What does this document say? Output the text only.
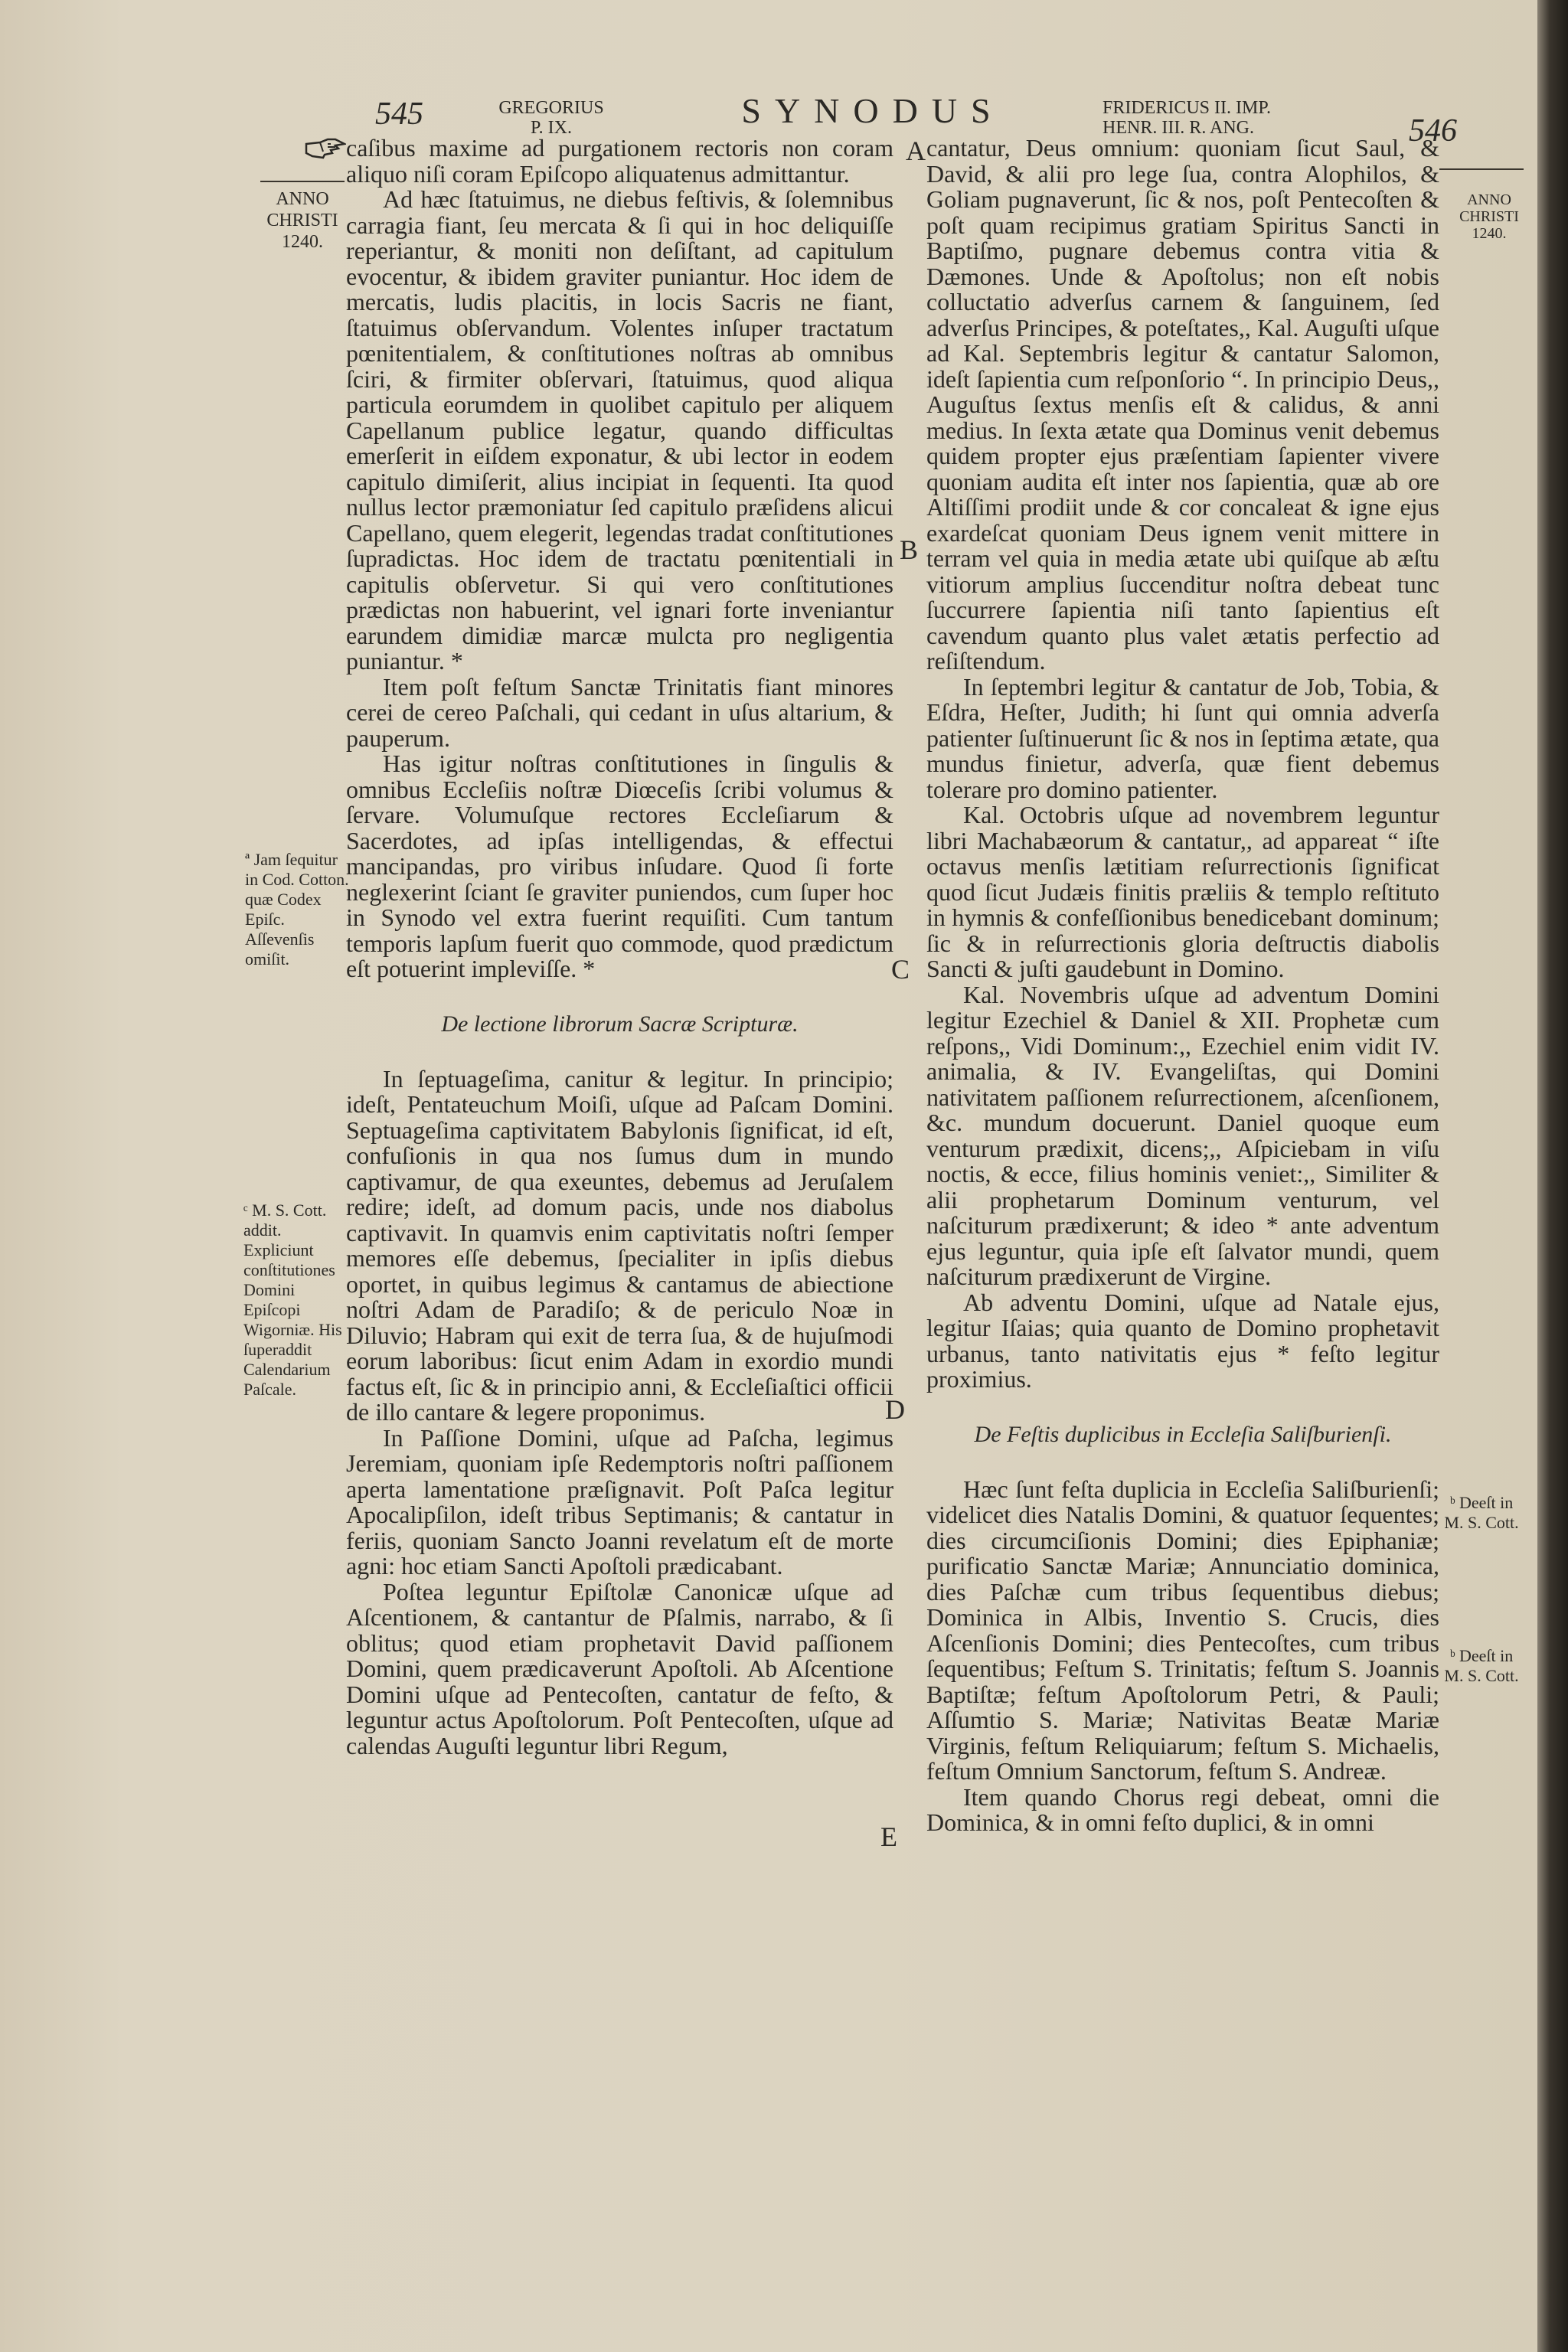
545	GREGORIUS
P. IX.	SYNODUS	FRIDERICUS II. IMP.
HENR. III. R. ANG.	546
ANNO
CHRISTI
1240.
ANNO
CHRISTI
1240.
ª Jam ſequitur in Cod. Cotton. quæ Codex Epiſc. Aſſevenſis omiſit.
ᶜ M. S. Cott. addit. Expliciunt conſtitutiones Domini Epiſcopi Wigorniæ. His ſuperaddit Calendarium Paſcale.
ᵇ Deeſt in M. S. Cott.
ᵇ Deeſt in M. S. Cott.
A
B
C
D
E

caſibus maxime ad purgationem rectoris non coram aliquo niſi coram Epiſcopo aliquatenus admittantur.

Ad hæc ſtatuimus, ne diebus feſtivis, & ſolemnibus carragia fiant, ſeu mercata & ſi qui in hoc deliquiſſe reperiantur, & moniti non deſiſtant, ad capitulum evocentur, & ibidem graviter puniantur. Hoc idem de mercatis, ludis placitis, in locis Sacris ne fiant, ſtatuimus obſervandum. Volentes inſuper tractatum pœnitentialem, & conſtitutiones noſtras ab omnibus ſciri, & firmiter obſervari, ſtatuimus, quod aliqua particula eorumdem in quolibet capitulo per aliquem Capellanum publice legatur, quando difficultas emerſerit in eiſdem exponatur, & ubi lector in eodem capitulo dimiſerit, alius incipiat in ſequenti. Ita quod nullus lector præmoniatur ſed capitulo præſidens alicui Capellano, quem elegerit, legendas tradat conſtitutiones ſupradictas. Hoc idem de tractatu pœnitentiali in capitulis obſervetur. Si qui vero conſtitutiones prædictas non habuerint, vel ignari forte inveniantur earundem dimidiæ marcæ mulcta pro negligentia puniantur. *

Item poſt feſtum Sanctæ Trinitatis fiant minores cerei de cereo Paſchali, qui cedant in uſus altarium, & pauperum.

Has igitur noſtras conſtitutiones in ſingulis & omnibus Eccleſiis noſtræ Diœceſis ſcribi volumus & ſervare. Volumuſque rectores Eccleſiarum & Sacerdotes, ad ipſas intelligendas, & effectui mancipandas, pro viribus inſudare. Quod ſi forte neglexerint ſciant ſe graviter puniendos, cum ſuper hoc in Synodo vel extra fuerint requiſiti. Cum tantum temporis lapſum fuerit quo commode, quod prædictum eſt potuerint impleviſſe. *

De lectione librorum Sacræ Scripturæ.

In ſeptuageſima, canitur & legitur. In principio; ideſt, Pentateuchum Moiſi, uſque ad Paſcam Domini. Septuageſima captivitatem Babylonis ſignificat, id eſt, confuſionis in qua nos ſumus dum in mundo captivamur, de qua exeuntes, debemus ad Jeruſalem redire; ideſt, ad domum pacis, unde nos diabolus captivavit. In quamvis enim captivitatis noſtri ſemper memores eſſe debemus, ſpecialiter in ipſis diebus oportet, in quibus legimus & cantamus de abiectione noſtri Adam de Paradiſo; & de periculo Noæ in Diluvio; Habram qui exit de terra ſua, & de hujuſmodi eorum laboribus: ſicut enim Adam in exordio mundi factus eſt, ſic & in principio anni, & Eccleſiaſtici officii de illo cantare & legere proponimus.

In Paſſione Domini, uſque ad Paſcha, legimus Jeremiam, quoniam ipſe Redemptoris noſtri paſſionem aperta lamentatione præſignavit. Poſt Paſca legitur Apocalipſilon, ideſt tribus Septimanis; & cantatur in feriis, quoniam Sancto Joanni revelatum eſt de morte agni: hoc etiam Sancti Apoſtoli prædicabant.

Poſtea leguntur Epiſtolæ Canonicæ uſque ad Aſcentionem, & cantantur de Pſalmis, narrabo, & ſi oblitus; quod etiam prophetavit David paſſionem Domini, quem prædicaverunt Apoſtoli. Ab Aſcentione Domini uſque ad Pentecoſten, cantatur de feſto, & leguntur actus Apoſtolorum. Poſt Pentecoſten, uſque ad calendas Auguſti leguntur libri Regum,

cantatur, Deus omnium: quoniam ſicut Saul, & David, & alii pro lege ſua, contra Alophilos, & Goliam pugnaverunt, ſic & nos, poſt Pentecoſten & poſt quam recipimus gratiam Spiritus Sancti in Baptiſmo, pugnare debemus contra vitia & Dæmones. Unde & Apoſtolus; non eſt nobis colluctatio adverſus carnem & ſanguinem, ſed adverſus Principes, & poteſtates,, Kal. Auguſti uſque ad Kal. Septembris legitur & cantatur Salomon, ideſt ſapientia cum reſponſorio “. In principio Deus,, Auguſtus ſextus menſis eſt & calidus, & anni medius. In ſexta ætate qua Dominus venit debemus quidem propter ejus præſentiam ſapienter vivere quoniam audita eſt inter nos ſapientia, quæ ab ore Altiſſimi prodiit unde & cor concaleat & igne ejus exardeſcat quoniam Deus ignem venit mittere in terram vel quia in media ætate ubi quiſque ab æſtu vitiorum amplius ſuccenditur noſtra debeat tunc ſuccurrere ſapientia niſi tanto ſapientius eſt cavendum quanto plus valet ætatis perfectio ad reſiſtendum.

In ſeptembri legitur & cantatur de Job, Tobia, & Eſdra, Heſter, Judith; hi ſunt qui omnia adverſa patienter ſuſtinuerunt ſic & nos in ſeptima ætate, qua mundus finietur, adverſa, quæ fient debemus tolerare pro domino patienter.

Kal. Octobris uſque ad novembrem leguntur libri Machabæorum & cantatur,, ad appareat “ iſte octavus menſis lætitiam reſurrectionis ſignificat quod ſicut Judæis finitis præliis & templo reſtituto in hymnis & confeſſionibus benedicebant dominum; ſic & in reſurrectionis gloria deſtructis diabolis Sancti & juſti gaudebunt in Domino.

Kal. Novembris uſque ad adventum Domini legitur Ezechiel & Daniel & XII. Prophetæ cum reſpons,, Vidi Dominum:,, Ezechiel enim vidit IV. animalia, & IV. Evangeliſtas, qui Domini nativitatem paſſionem reſurrectionem, aſcenſionem, &c. mundum docuerunt. Daniel quoque eum venturum prædixit, dicens;,, Aſpiciebam in viſu noctis, & ecce, filius hominis veniet:,, Similiter & alii prophetarum Dominum venturum, vel naſciturum prædixerunt; & ideo * ante adventum ejus leguntur, quia ipſe eſt ſalvator mundi, quem naſciturum prædixerunt de Virgine.

Ab adventu Domini, uſque ad Natale ejus, legitur Iſaias; quia quanto de Domino prophetavit urbanus, tanto nativitatis ejus * feſto legitur proximius.

De Feſtis duplicibus in Eccleſia Saliſburienſi.

Hæc ſunt feſta duplicia in Eccleſia Saliſburienſi; videlicet dies Natalis Domini, & quatuor ſequentes; dies circumciſionis Domini; dies Epiphaniæ; purificatio Sanctæ Mariæ; Annunciatio dominica, dies Paſchæ cum tribus ſequentibus diebus; Dominica in Albis, Inventio S. Crucis, dies Aſcenſionis Domini; dies Pentecoſtes, cum tribus ſequentibus; Feſtum S. Trinitatis; feſtum S. Joannis Baptiſtæ; feſtum Apoſtolorum Petri, & Pauli; Aſſumtio S. Mariæ; Nativitas Beatæ Mariæ Virginis, feſtum Reliquiarum; feſtum S. Michaelis, feſtum Omnium Sanctorum, feſtum S. Andreæ.

Item quando Chorus regi debeat, omni die Dominica, & in omni feſto duplici, & in omni
